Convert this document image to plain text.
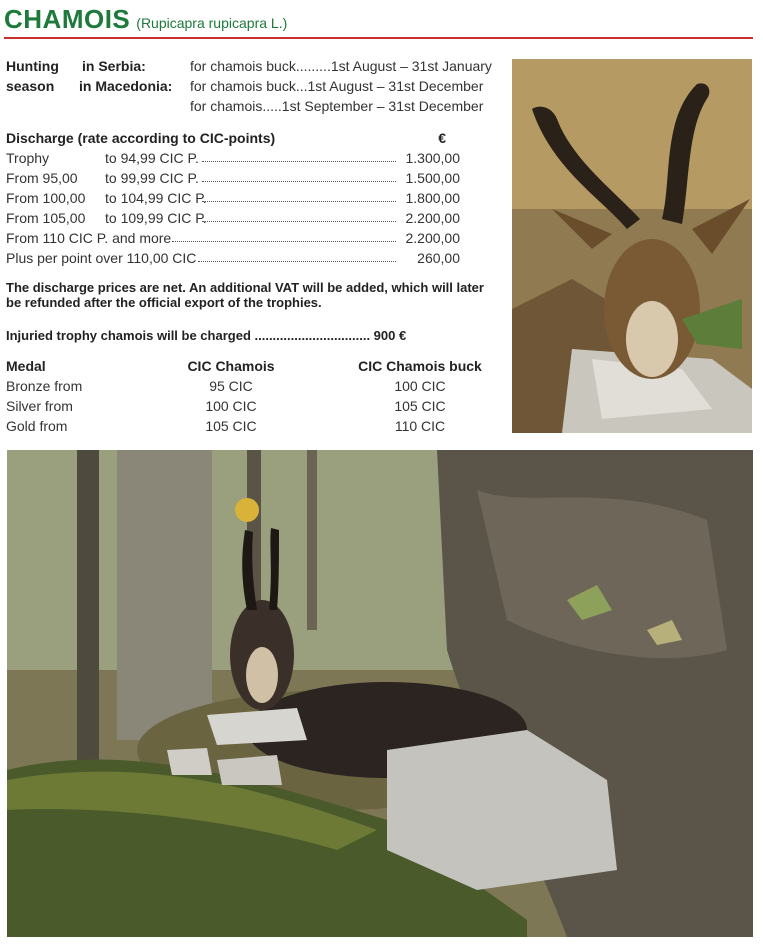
CHAMOIS (Rupicapra rupicapra L.)
Hunting
season
in Serbia:	for chamois buck.........1st August – 31st January
in Macedonia: for chamois buck...1st August – 31st December
for chamois.....1st September – 31st December
Discharge (rate according to CIC-points)	€
Trophy	to 94,99 CIC P.	1.300,00
From 95,00 to 99,99 CIC P.	1.500,00
From 100,00 to 104,99 CIC P.	1.800,00
From 105,00 to 109,99 CIC P.	2.200,00
From 110 CIC P. and more	2.200,00
Plus per point over 110,00 CIC	260,00
The discharge prices are net. An additional VAT will be added, which will later be refunded after the official export of the trophies.
Injuried trophy chamois will be charged ................................ 900 €
Medal	CIC Chamois	CIC Chamois buck
Bronze from	95 CIC	100 CIC
Silver from	100 CIC	105 CIC
Gold from	105 CIC	110 CIC
